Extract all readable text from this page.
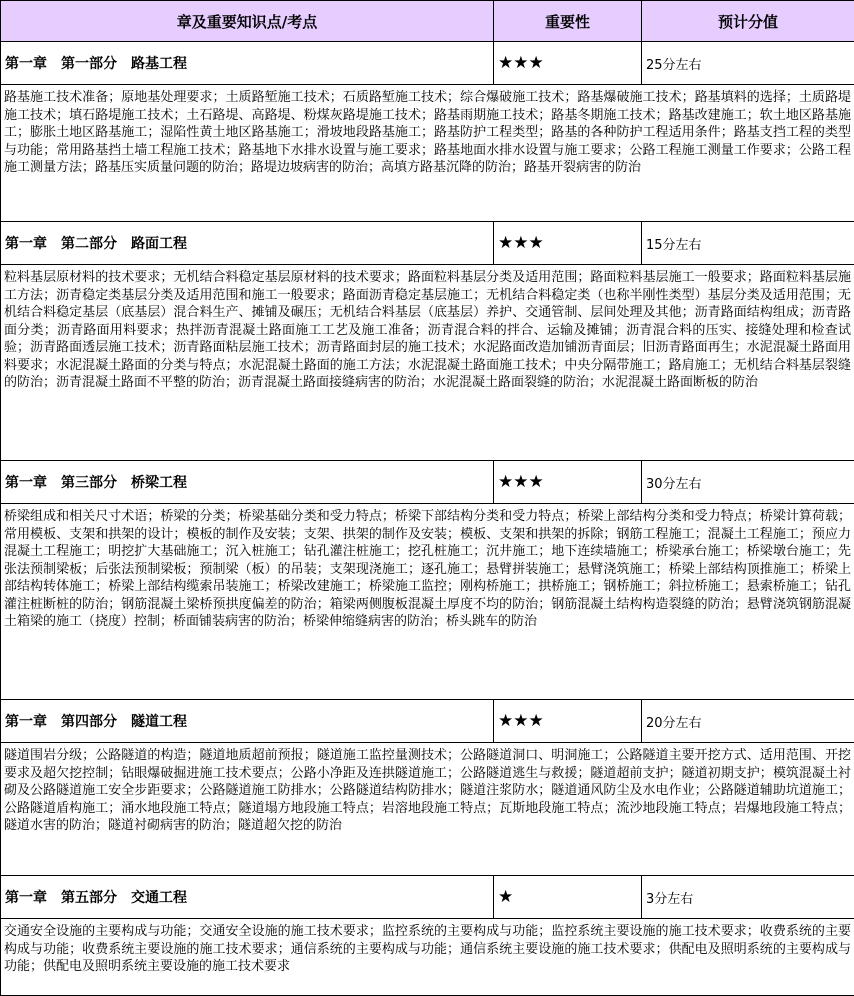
章及重要知识点/考点	重要性	预计分值
第一章　第一部分　路基工程	★★★	25分左右
路基施工技术准备；原地基处理要求；土质路堑施工技术；石质路堑施工技术；综合爆破施工技术；路基爆破施工技术；路基填料的选择；土质路堤施工技术；填石路堤施工技术；土石路堤、高路堤、粉煤灰路堤施工技术；路基雨期施工技术；路基冬期施工技术；路基改建施工；软土地区路基施工；膨胀土地区路基施工；湿陷性黄土地区路基施工；滑坡地段路基施工；路基防护工程类型；路基的各种防护工程适用条件；路基支挡工程的类型与功能；常用路基挡土墙工程施工技术；路基地下水排水设置与施工要求；路基地面水排水设置与施工要求；公路工程施工测量工作要求；公路工程施工测量方法；路基压实质量问题的防治；路堤边坡病害的防治；高填方路基沉降的防治；路基开裂病害的防治		
第一章　第二部分　路面工程	★★★	15分左右
粒料基层原材料的技术要求；无机结合料稳定基层原材料的技术要求；路面粒料基层分类及适用范围；路面粒料基层施工一般要求；路面粒料基层施工方法；沥青稳定类基层分类及适用范围和施工一般要求；路面沥青稳定基层施工；无机结合料稳定类（也称半刚性类型）基层分类及适用范围；无机结合料稳定基层（底基层）混合料生产、摊铺及碾压；无机结合料基层（底基层）养护、交通管制、层间处理及其他；沥青路面结构组成；沥青路面分类；沥青路面用料要求；热拌沥青混凝土路面施工工艺及施工准备；沥青混合料的拌合、运输及摊铺；沥青混合料的压实、接缝处理和检查试验；沥青路面透层施工技术；沥青路面粘层施工技术；沥青路面封层的施工技术；水泥路面改造加铺沥青面层；旧沥青路面再生；水泥混凝土路面用料要求；水泥混凝土路面的分类与特点；水泥混凝土路面的施工方法；水泥混凝土路面施工技术；中央分隔带施工；路肩施工；无机结合料基层裂缝的防治；沥青混凝土路面不平整的防治；沥青混凝土路面接缝病害的防治；水泥混凝土路面裂缝的防治；水泥混凝土路面断板的防治		
第一章　第三部分　桥梁工程	★★★	30分左右
桥梁组成和相关尺寸术语；桥梁的分类；桥梁基础分类和受力特点；桥梁下部结构分类和受力特点；桥梁上部结构分类和受力特点；桥梁计算荷载；常用模板、支架和拱架的设计；模板的制作及安装；支架、拱架的制作及安装；模板、支架和拱架的拆除；钢筋工程施工；混凝土工程施工；预应力混凝土工程施工；明挖扩大基础施工；沉入桩施工；钻孔灌注桩施工；挖孔桩施工；沉井施工；地下连续墙施工；桥梁承台施工；桥梁墩台施工；先张法预制梁板；后张法预制梁板；预制梁（板）的吊装；支架现浇施工；逐孔施工；悬臂拼装施工；悬臂浇筑施工；桥梁上部结构顶推施工；桥梁上部结构转体施工；桥梁上部结构缆索吊装施工；桥梁改建施工；桥梁施工监控；刚构桥施工；拱桥施工；钢桥施工；斜拉桥施工；悬索桥施工；钻孔灌注桩断桩的防治；钢筋混凝土梁桥预拱度偏差的防治；箱梁两侧腹板混凝土厚度不均的防治；钢筋混凝土结构构造裂缝的防治；悬臂浇筑钢筋混凝土箱梁的施工（挠度）控制；桥面铺装病害的防治；桥梁伸缩缝病害的防治；桥头跳车的防治		
第一章　第四部分　隧道工程	★★★	20分左右
隧道围岩分级；公路隧道的构造；隧道地质超前预报；隧道施工监控量测技术；公路隧道洞口、明洞施工；公路隧道主要开挖方式、适用范围、开挖要求及超欠挖控制；钻眼爆破掘进施工技术要点；公路小净距及连拱隧道施工；公路隧道逃生与救援；隧道超前支护；隧道初期支护；模筑混凝土衬砌及公路隧道施工安全步距要求；公路隧道施工防排水；公路隧道结构防排水；隧道注浆防水；隧道通风防尘及水电作业；公路隧道辅助坑道施工；公路隧道盾构施工；涌水地段施工特点；隧道塌方地段施工特点；岩溶地段施工特点；瓦斯地段施工特点；流沙地段施工特点；岩爆地段施工特点；隧道水害的防治；隧道衬砌病害的防治；隧道超欠挖的防治		
第一章　第五部分　交通工程	★	3分左右
交通安全设施的主要构成与功能；交通安全设施的施工技术要求；监控系统的主要构成与功能；监控系统主要设施的施工技术要求；收费系统的主要构成与功能；收费系统主要设施的施工技术要求；通信系统的主要构成与功能；通信系统主要设施的施工技术要求；供配电及照明系统的主要构成与功能；供配电及照明系统主要设施的施工技术要求		
